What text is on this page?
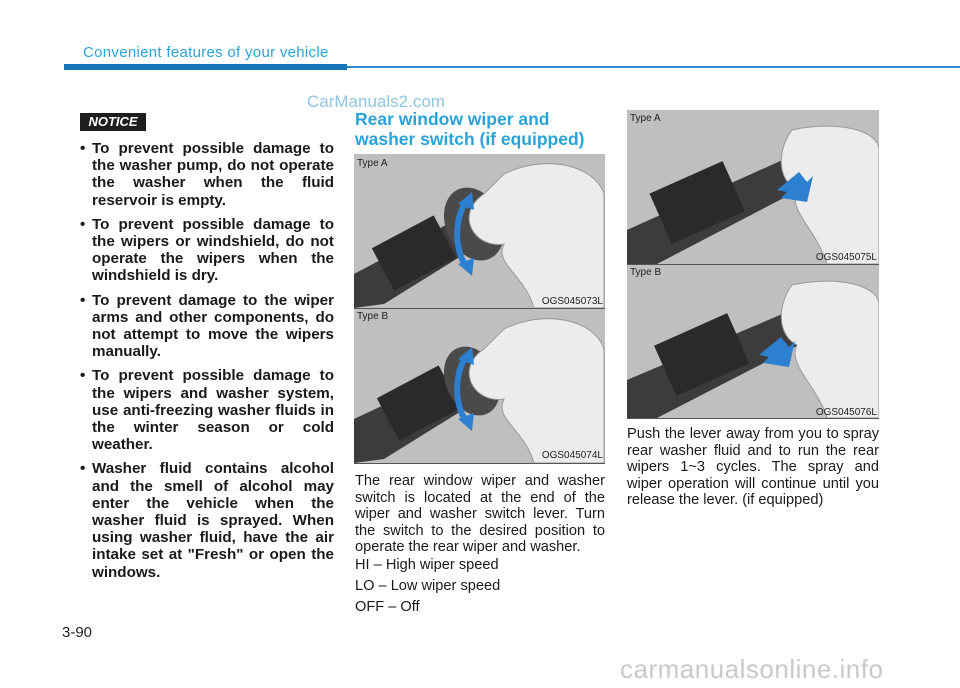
Convenient features of your vehicle
CarManuals2.com
NOTICE
• To prevent possible damage to the washer pump, do not operate the washer when the fluid reservoir is empty.
• To prevent possible damage to the wipers or windshield, do not operate the wipers when the windshield is dry.
• To prevent damage to the wiper arms and other components, do not attempt to move the wipers manually.
• To prevent possible damage to the wipers and washer system, use anti-freezing washer fluids in the winter season or cold weather.
• Washer fluid contains alcohol and the smell of alcohol may enter the vehicle when the washer fluid is sprayed. When using washer fluid, have the air intake set at "Fresh" or open the windows.
Rear window wiper and washer switch (if equipped)
Type A
OGS045073L
Type B
OGS045074L
Type A
OGS045075L
Type B
OGS045076L
The rear window wiper and washer switch is located at the end of the wiper and washer switch lever. Turn the switch to the desired position to operate the rear wiper and washer.
HI – High wiper speed
LO – Low wiper speed
OFF – Off
Push the lever away from you to spray rear washer fluid and to run the rear wipers 1~3 cycles. The spray and wiper operation will continue until you release the lever. (if equipped)
3-90
carmanualsonline.info
